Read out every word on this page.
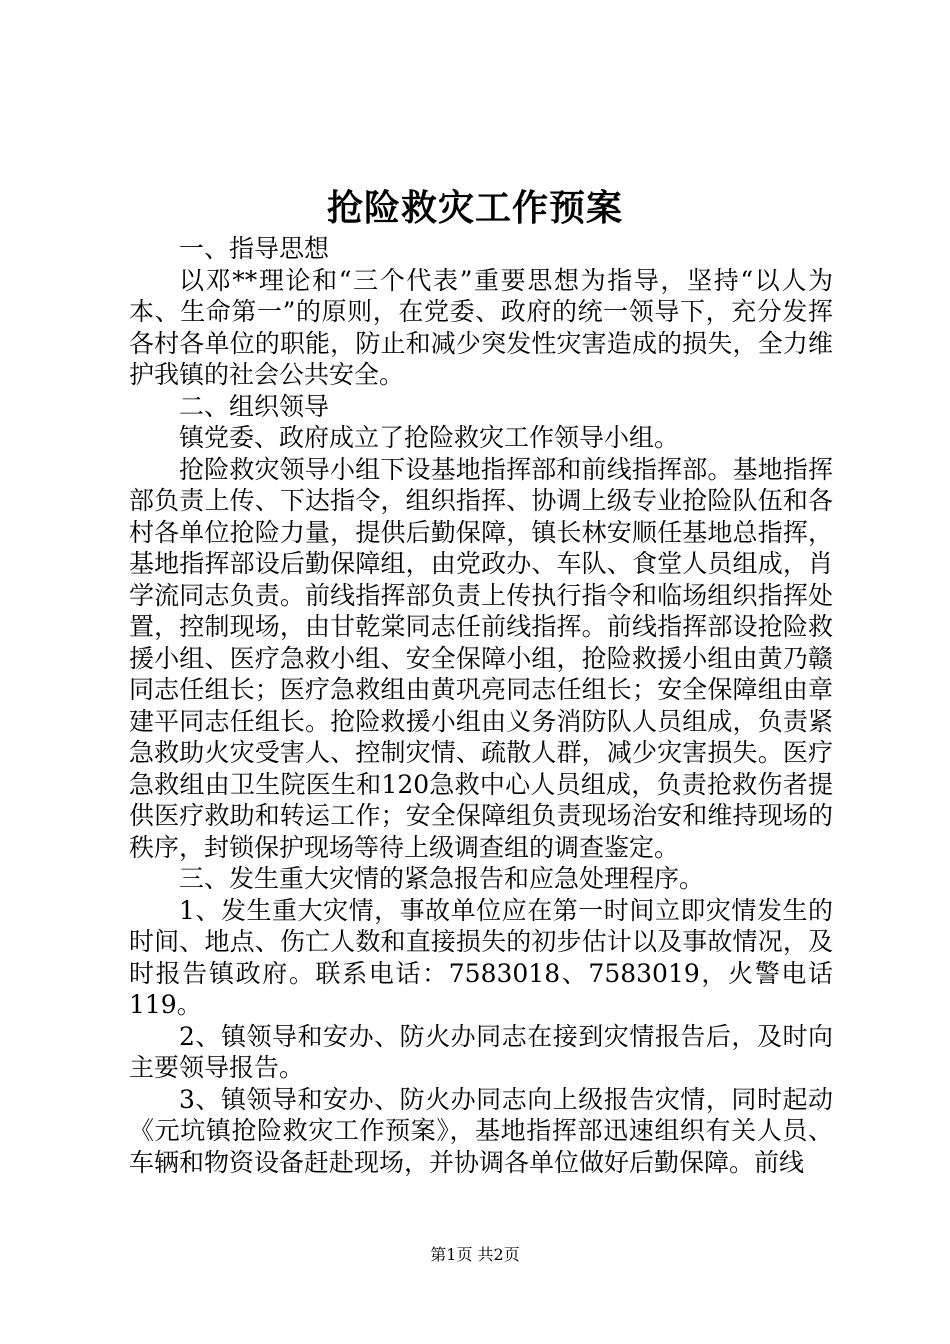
抢险救灾工作预案

一、指导思想

以邓**理论和“三个代表”重要思想为指导，坚持“以人为本、生命第一”的原则，在党委、政府的统一领导下，充分发挥各村各单位的职能，防止和减少突发性灾害造成的损失，全力维护我镇的社会公共安全。

二、组织领导

镇党委、政府成立了抢险救灾工作领导小组。

抢险救灾领导小组下设基地指挥部和前线指挥部。基地指挥部负责上传、下达指令，组织指挥、协调上级专业抢险队伍和各村各单位抢险力量，提供后勤保障，镇长林安顺任基地总指挥，基地指挥部设后勤保障组，由党政办、车队、食堂人员组成，肖学流同志负责。前线指挥部负责上传执行指令和临场组织指挥处置，控制现场，由甘乾棠同志任前线指挥。前线指挥部设抢险救援小组、医疗急救小组、安全保障小组，抢险救援小组由黄乃赣同志任组长；医疗急救组由黄巩亮同志任组长；安全保障组由章建平同志任组长。抢险救援小组由义务消防队人员组成，负责紧急救助火灾受害人、控制灾情、疏散人群，减少灾害损失。医疗急救组由卫生院医生和120急救中心人员组成，负责抢救伤者提供医疗救助和转运工作；安全保障组负责现场治安和维持现场的秩序，封锁保护现场等待上级调查组的调查鉴定。

三、发生重大灾情的紧急报告和应急处理程序。

1、发生重大灾情，事故单位应在第一时间立即灾情发生的时间、地点、伤亡人数和直接损失的初步估计以及事故情况，及时报告镇政府。联系电话：7583018、7583019，火警电话119。

2、镇领导和安办、防火办同志在接到灾情报告后，及时向主要领导报告。

3、镇领导和安办、防火办同志向上级报告灾情，同时起动《元坑镇抢险救灾工作预案》，基地指挥部迅速组织有关人员、车辆和物资设备赶赴现场，并协调各单位做好后勤保障。前线

第1页 共2页
